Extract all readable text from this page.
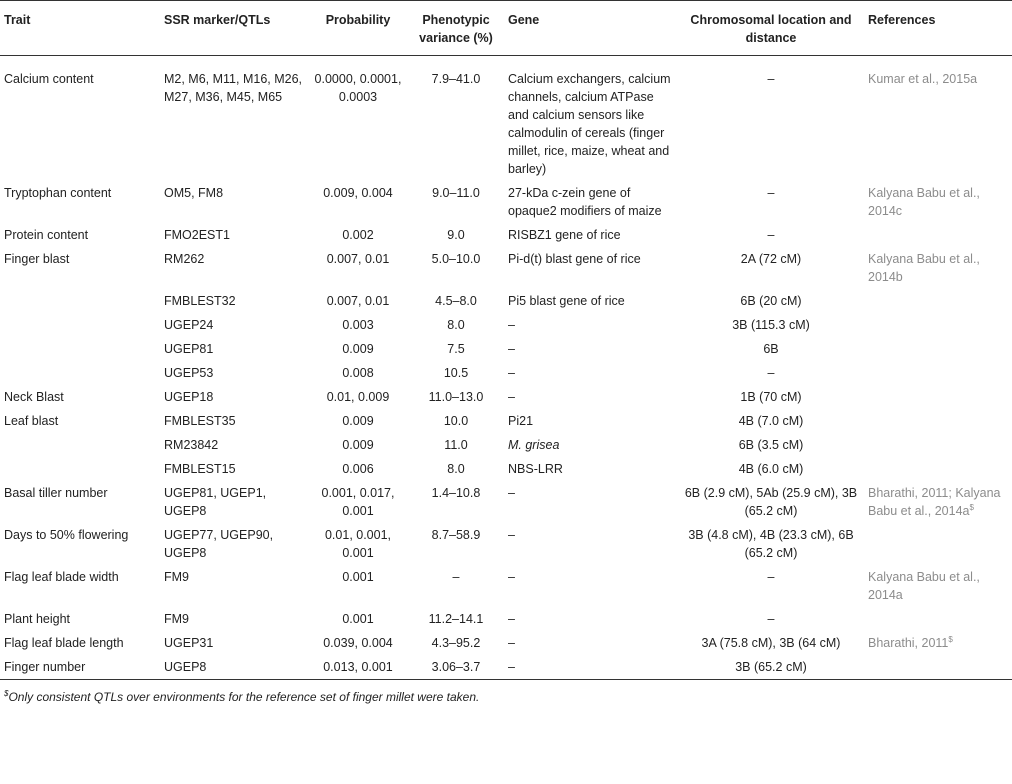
Trait	SSR marker/QTLs	Probability	Phenotypic variance (%)	Gene	Chromosomal location and distance	References
Calcium content	M2, M6, M11, M16, M26, M27, M36, M45, M65	0.0000, 0.0001, 0.0003	7.9–41.0	Calcium exchangers, calcium channels, calcium ATPase and calcium sensors like calmodulin of cereals (finger millet, rice, maize, wheat and barley)	–	Kumar et al., 2015a
Tryptophan content	OM5, FM8	0.009, 0.004	9.0–11.0	27-kDa c-zein gene of opaque2 modifiers of maize	–	Kalyana Babu et al., 2014c
Protein content	FMO2EST1	0.002	9.0	RISBZ1 gene of rice	–	
Finger blast	RM262	0.007, 0.01	5.0–10.0	Pi-d(t) blast gene of rice	2A (72 cM)	Kalyana Babu et al., 2014b
	FMBLEST32	0.007, 0.01	4.5–8.0	Pi5 blast gene of rice	6B (20 cM)	
	UGEP24	0.003	8.0	–	3B (115.3 cM)	
	UGEP81	0.009	7.5	–	6B	
	UGEP53	0.008	10.5	–	–	
Neck Blast	UGEP18	0.01, 0.009	11.0–13.0	–	1B (70 cM)	
Leaf blast	FMBLEST35	0.009	10.0	Pi21	4B (7.0 cM)	
	RM23842	0.009	11.0	M. grisea	6B (3.5 cM)	
	FMBLEST15	0.006	8.0	NBS-LRR	4B (6.0 cM)	
Basal tiller number	UGEP81, UGEP1, UGEP8	0.001, 0.017, 0.001	1.4–10.8	–	6B (2.9 cM), 5Ab (25.9 cM), 3B (65.2 cM)	Bharathi, 2011; Kalyana Babu et al., 2014a$
Days to 50% flowering	UGEP77, UGEP90, UGEP8	0.01, 0.001, 0.001	8.7–58.9	–	3B (4.8 cM), 4B (23.3 cM), 6B (65.2 cM)	
Flag leaf blade width	FM9	0.001	–	–	–	Kalyana Babu et al., 2014a
Plant height	FM9	0.001	11.2–14.1	–	–	
Flag leaf blade length	UGEP31	0.039, 0.004	4.3–95.2	–	3A (75.8 cM), 3B (64 cM)	Bharathi, 2011$
Finger number	UGEP8	0.013, 0.001	3.06–3.7	–	3B (65.2 cM)	
$Only consistent QTLs over environments for the reference set of finger millet were taken.
